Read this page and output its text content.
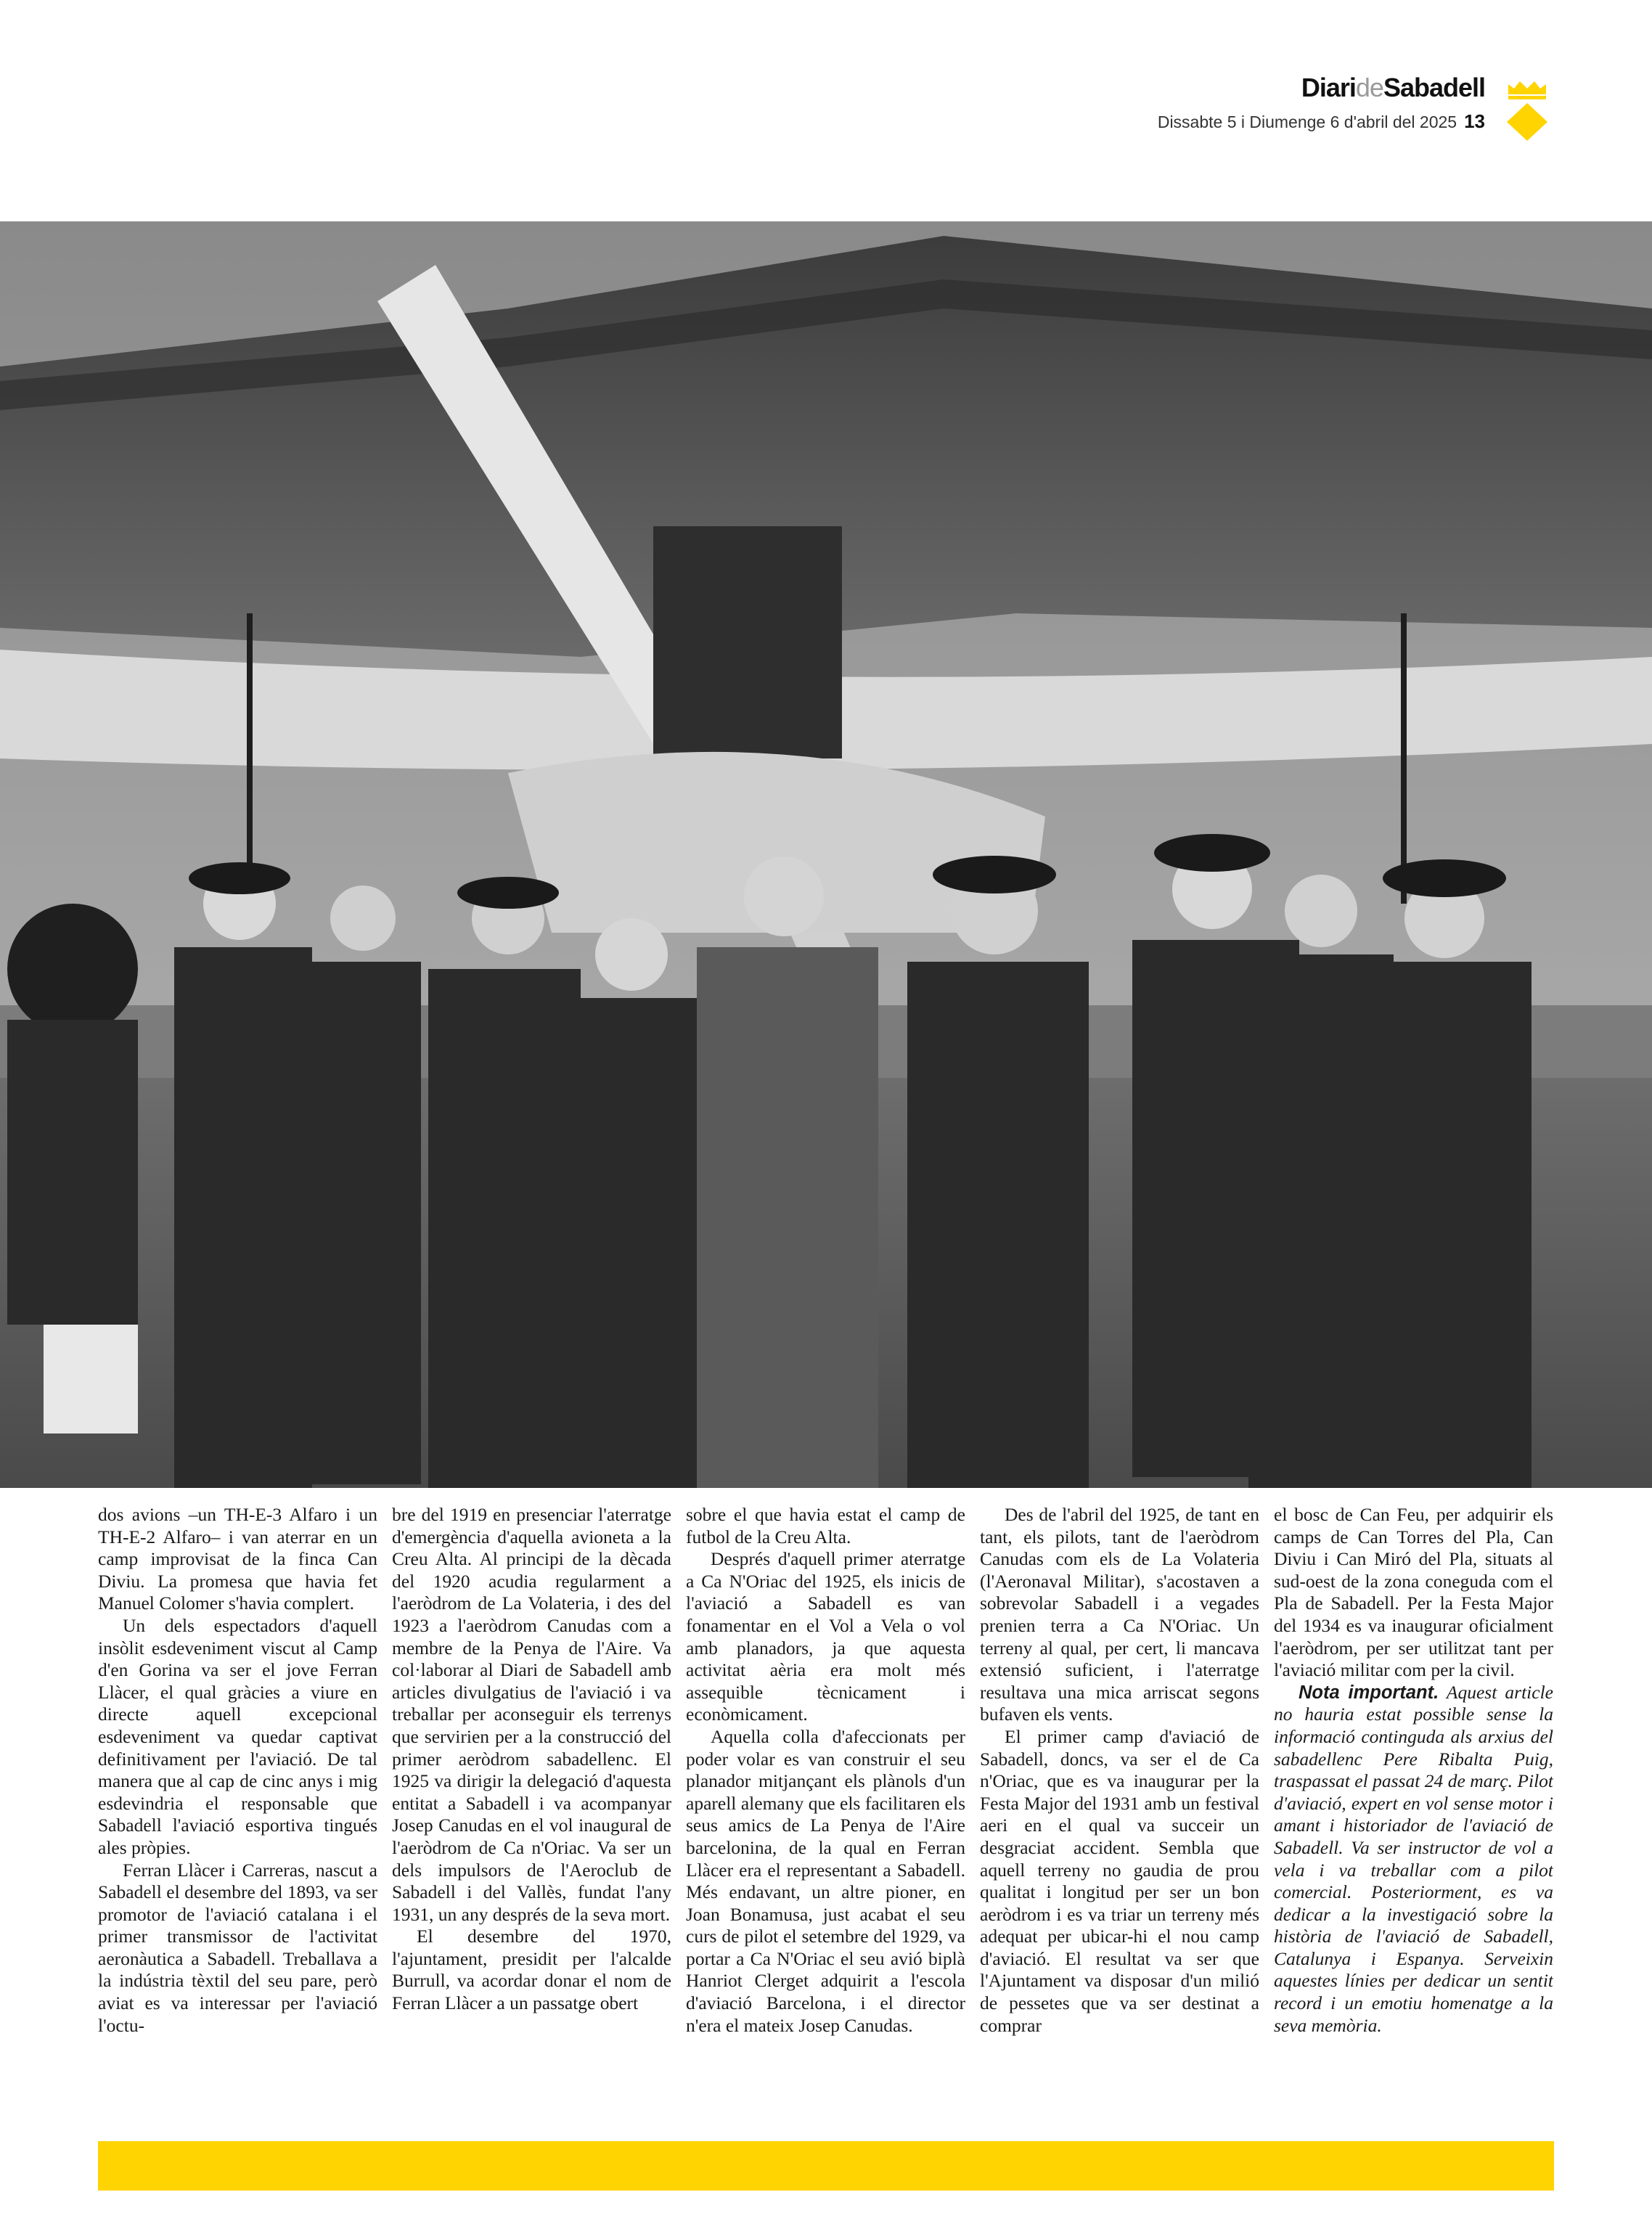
DiarideSabadell
Dissabte 5 i Diumenge 6 d'abril del 2025 13

dos avions –un TH-E-3 Alfaro i un TH-E-2 Alfaro– i van aterrar en un camp improvisat de la finca Can Diviu. La promesa que havia fet Manuel Colomer s'havia complert.

Un dels espectadors d'aquell insòlit esdeveniment viscut al Camp d'en Gorina va ser el jove Ferran Llàcer, el qual gràcies a viure en directe aquell excepcional esdeveniment va quedar captivat definitivament per l'aviació. De tal manera que al cap de cinc anys i mig esdevindria el responsable que Sabadell l'aviació esportiva tingués ales pròpies.

Ferran Llàcer i Carreras, nascut a Sabadell el desembre del 1893, va ser promotor de l'aviació catalana i el primer transmissor de l'activitat aeronàutica a Sabadell. Treballava a la indústria tèxtil del seu pare, però aviat es va interessar per l'aviació l'octu-

bre del 1919 en presenciar l'aterratge d'emergència d'aquella avioneta a la Creu Alta. Al principi de la dècada del 1920 acudia regularment a l'aeròdrom de La Volateria, i des del 1923 a l'aeròdrom Canudas com a membre de la Penya de l'Aire. Va col·laborar al Diari de Sabadell amb articles divulgatius de l'aviació i va treballar per aconseguir els terrenys que servirien per a la construcció del primer aeròdrom sabadellenc. El 1925 va dirigir la delegació d'aquesta entitat a Sabadell i va acompanyar Josep Canudas en el vol inaugural de l'aeròdrom de Ca n'Oriac. Va ser un dels impulsors de l'Aeroclub de Sabadell i del Vallès, fundat l'any 1931, un any després de la seva mort.

El desembre del 1970, l'ajuntament, presidit per l'alcalde Burrull, va acordar donar el nom de Ferran Llàcer a un passatge obert

sobre el que havia estat el camp de futbol de la Creu Alta.

Després d'aquell primer aterratge a Ca N'Oriac del 1925, els inicis de l'aviació a Sabadell es van fonamentar en el Vol a Vela o vol amb planadors, ja que aquesta activitat aèria era molt més assequible tècnicament i econòmicament.

Aquella colla d'afeccionats per poder volar es van construir el seu planador mitjançant els plànols d'un aparell alemany que els facilitaren els seus amics de La Penya de l'Aire barcelonina, de la qual en Ferran Llàcer era el representant a Sabadell. Més endavant, un altre pioner, en Joan Bonamusa, just acabat el seu curs de pilot el setembre del 1929, va portar a Ca N'Oriac el seu avió biplà Hanriot Clerget adquirit a l'escola d'aviació Barcelona, i el director n'era el mateix Josep Canudas.

Des de l'abril del 1925, de tant en tant, els pilots, tant de l'aeròdrom Canudas com els de La Volateria (l'Aeronaval Militar), s'acostaven a sobrevolar Sabadell i a vegades prenien terra a Ca N'Oriac. Un terreny al qual, per cert, li mancava extensió suficient, i l'aterratge resultava una mica arriscat segons bufaven els vents.

El primer camp d'aviació de Sabadell, doncs, va ser el de Ca n'Oriac, que es va inaugurar per la Festa Major del 1931 amb un festival aeri en el qual va succeir un desgraciat accident. Sembla que aquell terreny no gaudia de prou qualitat i longitud per ser un bon aeròdrom i es va triar un terreny més adequat per ubicar-hi el nou camp d'aviació. El resultat va ser que l'Ajuntament va disposar d'un milió de pessetes que va ser destinat a comprar

el bosc de Can Feu, per adquirir els camps de Can Torres del Pla, Can Diviu i Can Miró del Pla, situats al sud-oest de la zona coneguda com el Pla de Sabadell. Per la Festa Major del 1934 es va inaugurar oficialment l'aeròdrom, per ser utilitzat tant per l'aviació militar com per la civil.

Nota important. Aquest article no hauria estat possible sense la informació continguda als arxius del sabadellenc Pere Ribalta Puig, traspassat el passat 24 de març. Pilot d'aviació, expert en vol sense motor i amant i historiador de l'aviació de Sabadell. Va ser instructor de vol a vela i va treballar com a pilot comercial. Posteriorment, es va dedicar a la investigació sobre la història de l'aviació de Sabadell, Catalunya i Espanya. Serveixin aquestes línies per dedicar un sentit record i un emotiu homenatge a la seva memòria.
